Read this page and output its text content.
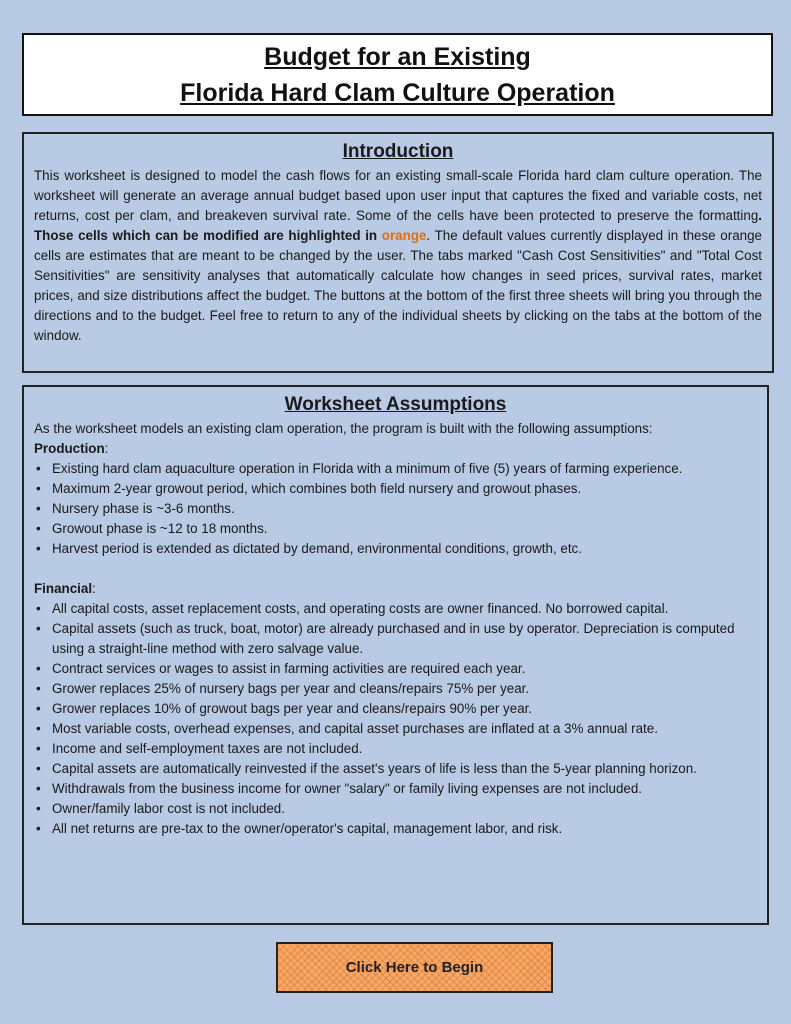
Budget for an Existing
Florida Hard Clam Culture Operation
Introduction
This worksheet is designed to model the cash flows for an existing small-scale Florida hard clam culture operation. The worksheet will generate an average annual budget based upon user input that captures the fixed and variable costs, net returns, cost per clam, and breakeven survival rate. Some of the cells have been protected to preserve the formatting. Those cells which can be modified are highlighted in orange. The default values currently displayed in these orange cells are estimates that are meant to be changed by the user. The tabs marked "Cash Cost Sensitivities" and "Total Cost Sensitivities" are sensitivity analyses that automatically calculate how changes in seed prices, survival rates, market prices, and size distributions affect the budget. The buttons at the bottom of the first three sheets will bring you through the directions and to the budget. Feel free to return to any of the individual sheets by clicking on the tabs at the bottom of the window.
Worksheet Assumptions
As the worksheet models an existing clam operation, the program is built with the following assumptions:
Production:
• Existing hard clam aquaculture operation in Florida with a minimum of five (5) years of farming experience.
• Maximum 2-year growout period, which combines both field nursery and growout phases.
• Nursery phase is ~3-6 months.
• Growout phase is ~12 to 18 months.
• Harvest period is extended as dictated by demand, environmental conditions, growth, etc.
Financial:
• All capital costs, asset replacement costs, and operating costs are owner financed. No borrowed capital.
• Capital assets (such as truck, boat, motor) are already purchased and in use by operator. Depreciation is computed using a straight-line method with zero salvage value.
• Contract services or wages to assist in farming activities are required each year.
• Grower replaces 25% of nursery bags per year and cleans/repairs 75% per year.
• Grower replaces 10% of growout bags per year and cleans/repairs 90% per year.
• Most variable costs, overhead expenses, and capital asset purchases are inflated at a 3% annual rate.
• Income and self-employment taxes are not included.
• Capital assets are automatically reinvested if the asset's years of life is less than the 5-year planning horizon.
• Withdrawals from the business income for owner "salary" or family living expenses are not included.
• Owner/family labor cost is not included.
• All net returns are pre-tax to the owner/operator's capital, management labor, and risk.
Click Here to Begin
